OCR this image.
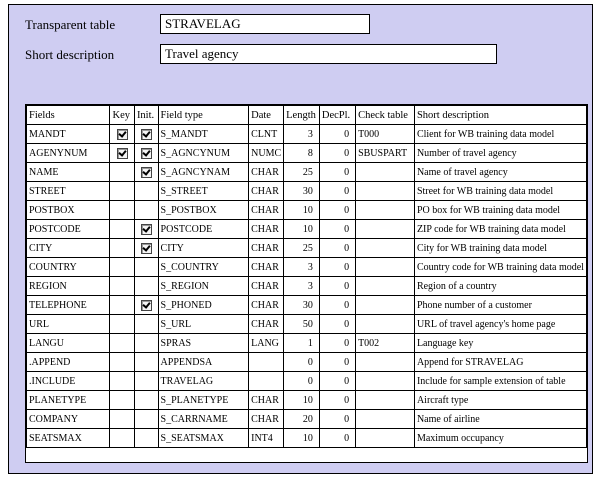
Transparent table	STRAVELAG
Short description	Travel agency
Fields	Key	Init.	Field type	Date	Length	DecPl.	Check table	Short description
MANDT			S_MANDT	CLNT	3	0	T000	Client for WB training data model
AGENYNUM			S_AGNCYNUM	NUMC	8	0	SBUSPART	Number of travel agency
NAME			S_AGNCYNAM	CHAR	25	0		Name of travel agency
STREET			S_STREET	CHAR	30	0		Street for WB training data model
POSTBOX			S_POSTBOX	CHAR	10	0		PO box for WB training data model
POSTCODE			POSTCODE	CHAR	10	0		ZIP code for WB training data model
CITY			CITY	CHAR	25	0		City for WB training data model
COUNTRY			S_COUNTRY	CHAR	3	0		Country code for WB training data model
REGION			S_REGION	CHAR	3	0		Region of a country
TELEPHONE			S_PHONED	CHAR	30	0		Phone number of a customer
URL			S_URL	CHAR	50	0		URL of travel agency's home page
LANGU			SPRAS	LANG	1	0	T002	Language key
.APPEND			APPENDSA		0	0		Append for STRAVELAG
.INCLUDE			TRAVELAG		0	0		Include for sample extension of table
PLANETYPE			S_PLANETYPE	CHAR	10	0		Aircraft type
COMPANY			S_CARRNAME	CHAR	20	0		Name of airline
SEATSMAX			S_SEATSMAX	INT4	10	0		Maximum occupancy
